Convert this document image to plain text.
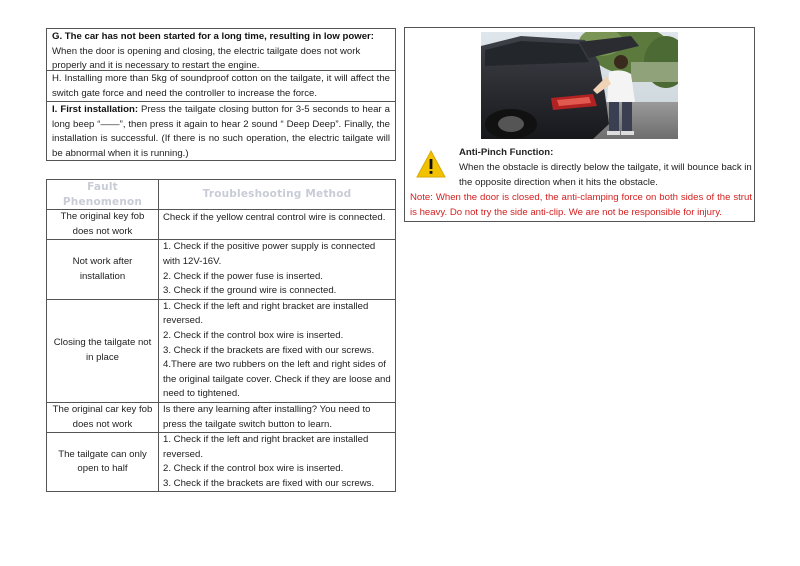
G. The car has not been started for a long time, resulting in low power:
When the door is opening and closing, the electric tailgate does not work properly and it is necessary to restart the engine.
H. Installing more than 5kg of soundproof cotton on the tailgate, it will affect the switch gate force and need the controller to increase the force.
I. First installation: Press the tailgate closing button for 3-5 seconds to hear a long beep “——”, then press it again to hear 2 sound “ Deep Deep”. Finally, the installation is successful. (If there is no such operation, the electric tailgate will be abnormal when it is running.)
Fault Phenomenon	Troubleshooting Method
The original key fob does not work	Check if the yellow central control wire is connected.

Not work after installation	1. Check if the positive power supply is connected with 12V-16V.
2. Check if the power fuse is inserted.
3. Check if the ground wire is connected.

Closing the tailgate not in place	1. Check if the left and right bracket are installed reversed.
2. Check if the control box wire is inserted.
3. Check if the brackets are fixed with our screws.
4.There are two rubbers on the left and right sides of the original tailgate cover. Check if they are loose and need to tightened.

The original car key fob does not work	Is there any learning after installing? You need to press the tailgate switch button to learn.

The tailgate can only open to half	1. Check if the left and right bracket are installed reversed.
2. Check if the control box wire is inserted.
3. Check if the brackets are fixed with our screws.
Anti-Pinch Function:
When the obstacle is directly below the tailgate, it will bounce back in the opposite direction when it hits the obstacle.
Note: When the door is closed, the anti-clamping force on both sides of the strut is heavy. Do not try the side anti-clip. We are not be responsible for injury.
